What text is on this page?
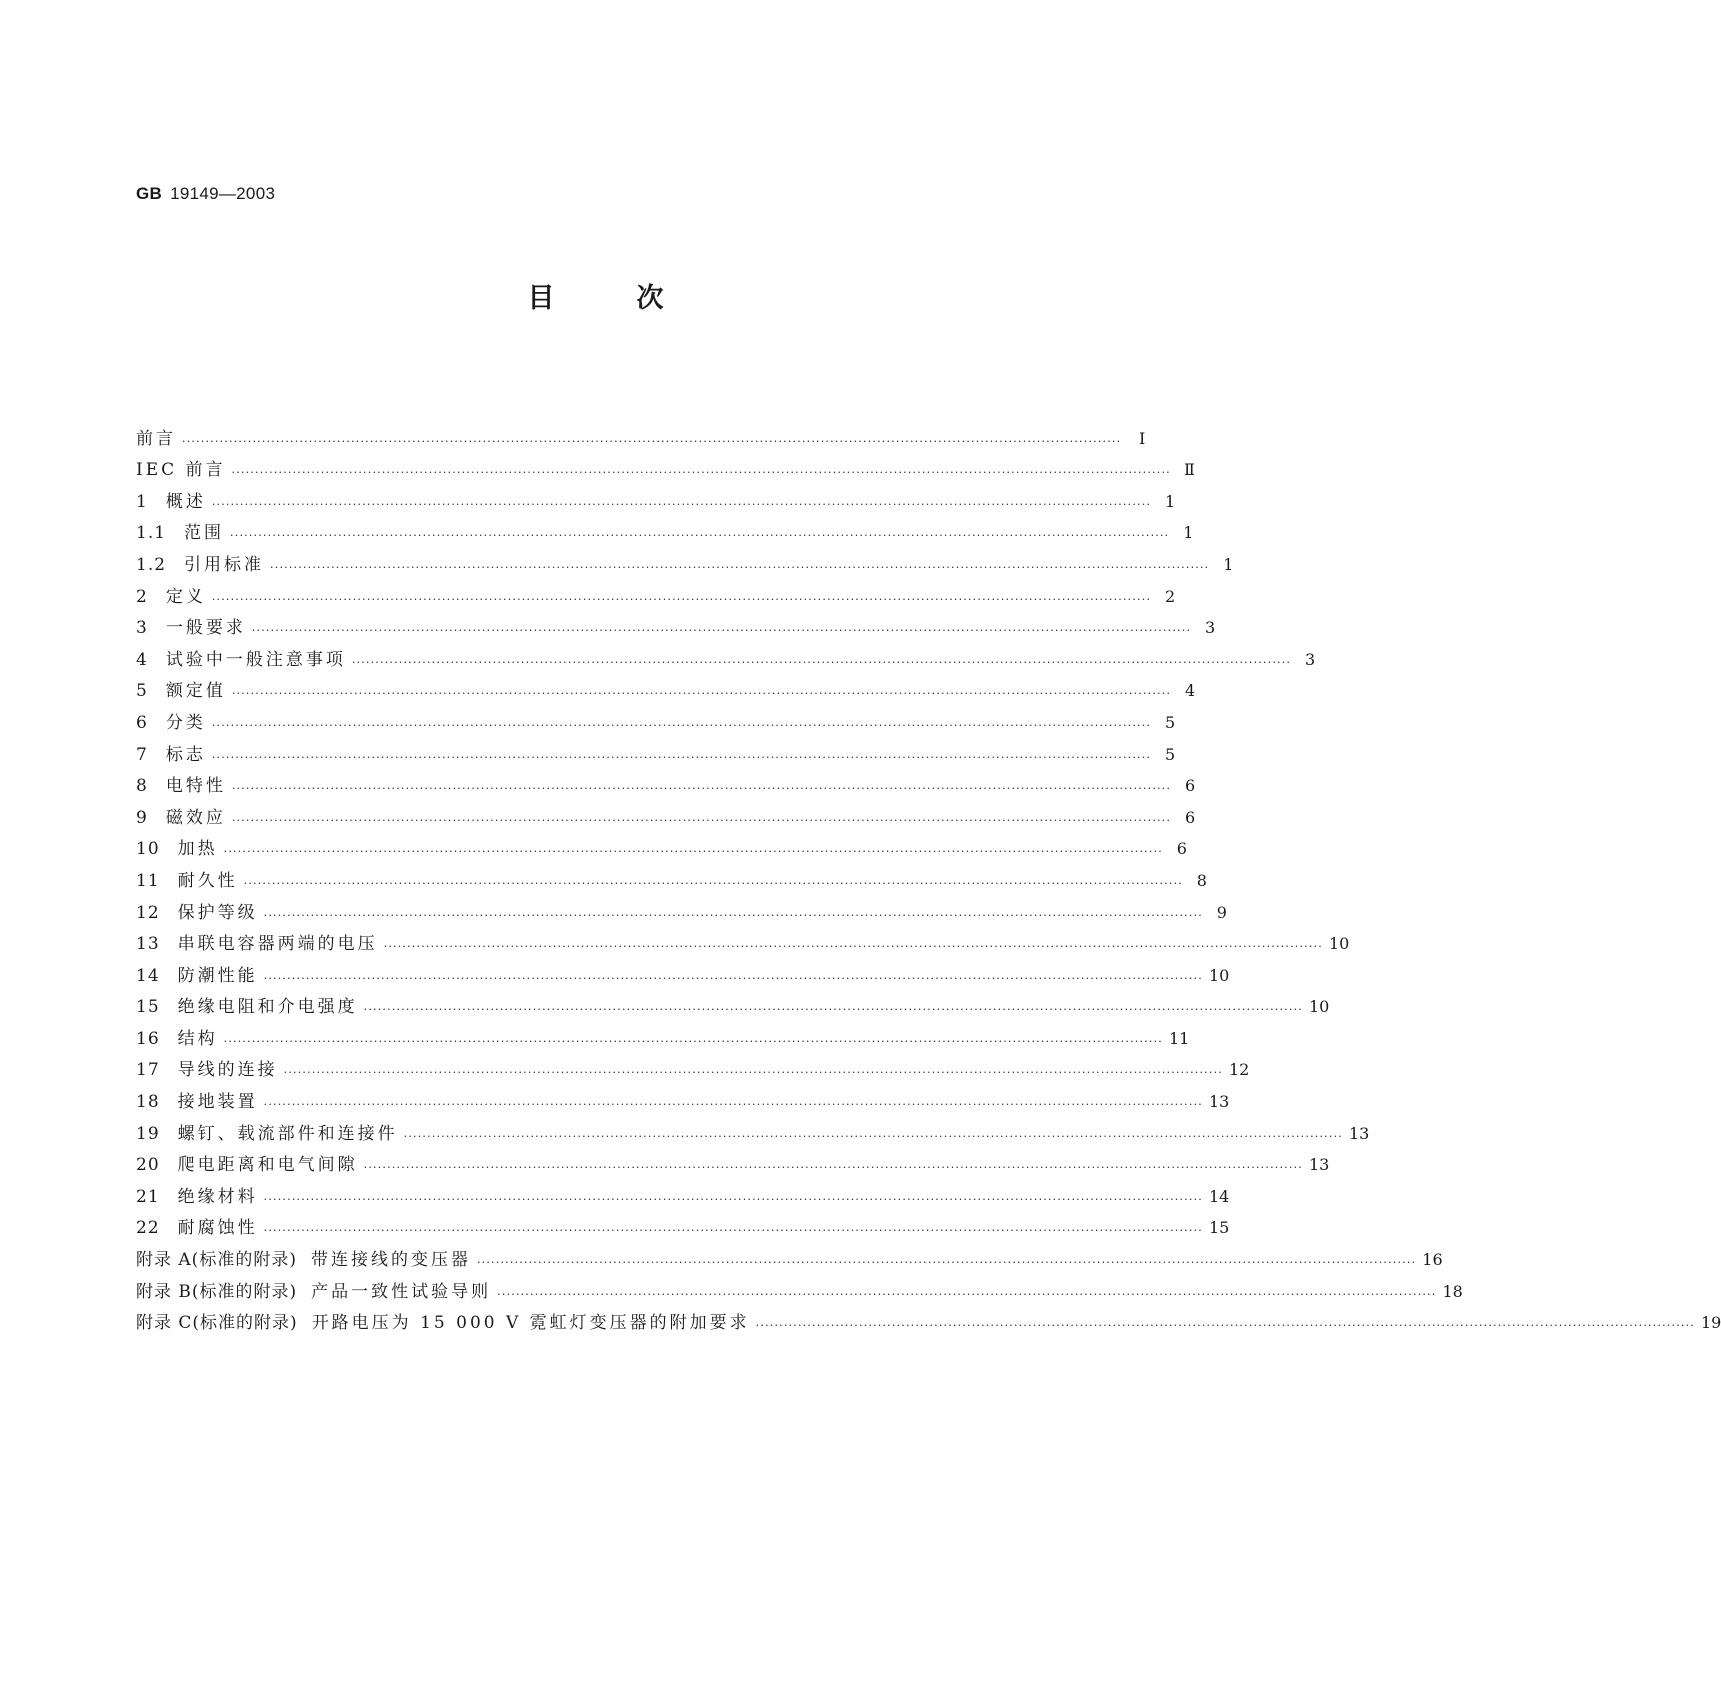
GB 19149—2003
目次
前言 ········································································································································································································	Ⅰ
IEC 前言 ········································································································································································································ Ⅱ
1 概述 ········································································································································································································ 1
1.1 范围 ········································································································································································································ 1
1.2 引用标准 ········································································································································································································ 1
2 定义 ········································································································································································································ 2
3 一般要求 ········································································································································································································ 3
4 试验中一般注意事项 ········································································································································································································ 3
5 额定值 ········································································································································································································ 4
6 分类 ········································································································································································································ 5
7 标志 ········································································································································································································ 5
8 电特性 ········································································································································································································ 6
9 磁效应 ········································································································································································································ 6
10 加热 ········································································································································································································ 6
11 耐久性 ········································································································································································································ 8
12 保护等级 ········································································································································································································ 9
13 串联电容器两端的电压 ········································································································································································································ 10
14 防潮性能 ········································································································································································································ 10
15 绝缘电阻和介电强度 ········································································································································································································ 10
16 结构 ········································································································································································································ 11
17 导线的连接 ········································································································································································································ 12
18 接地装置 ········································································································································································································ 13
19 螺钉、载流部件和连接件 ········································································································································································································ 13
20 爬电距离和电气间隙 ········································································································································································································ 13
21 绝缘材料 ········································································································································································································ 14
22 耐腐蚀性 ········································································································································································································ 15
附录 A(标准的附录) 带连接线的变压器 ········································································································································································································ 16
附录 B(标准的附录) 产品一致性试验导则 ········································································································································································································ 18
附录 C(标准的附录) 开路电压为 15 000 V 霓虹灯变压器的附加要求 ········································································································································································································ 19
